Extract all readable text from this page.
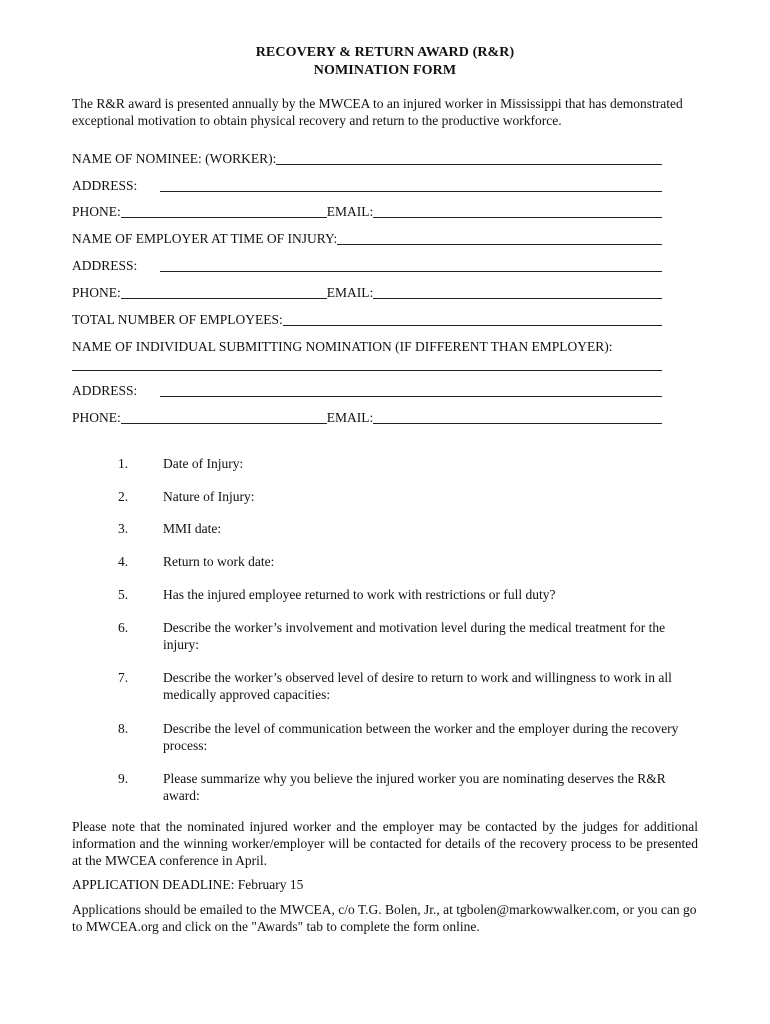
RECOVERY & RETURN AWARD (R&R)
NOMINATION FORM
The R&R award is presented annually by the MWCEA to an injured worker in Mississippi that has demonstrated exceptional motivation to obtain physical recovery and return to the productive workforce.
NAME OF NOMINEE: (WORKER):
ADDRESS:
PHONE:	EMAIL:
NAME OF EMPLOYER AT TIME OF INJURY:
ADDRESS:
PHONE:	EMAIL:
TOTAL NUMBER OF EMPLOYEES:
NAME OF INDIVIDUAL SUBMITTING NOMINATION (IF DIFFERENT THAN EMPLOYER):
ADDRESS:
PHONE:	EMAIL:
1.	Date of Injury:
2.	Nature of Injury:
3.	MMI date:
4.	Return to work date:
5.	Has the injured employee returned to work with restrictions or full duty?
6.	Describe the worker’s involvement and motivation level during the medical treatment for the injury:
7.	Describe the worker’s observed level of desire to return to work and willingness to work in all medically approved capacities:
8.	Describe the level of communication between the worker and the employer during the recovery process:
9.	Please summarize why you believe the injured worker you are nominating deserves the R&R award:
Please note that the nominated injured worker and the employer may be contacted by the judges for additional information and the winning worker/employer will be contacted for details of the recovery process to be presented at the MWCEA conference in April.
APPLICATION DEADLINE: February 15
Applications should be emailed to the MWCEA, c/o T.G. Bolen, Jr., at tgbolen@markowwalker.com, or you can go to MWCEA.org and click on the "Awards" tab to complete the form online.
